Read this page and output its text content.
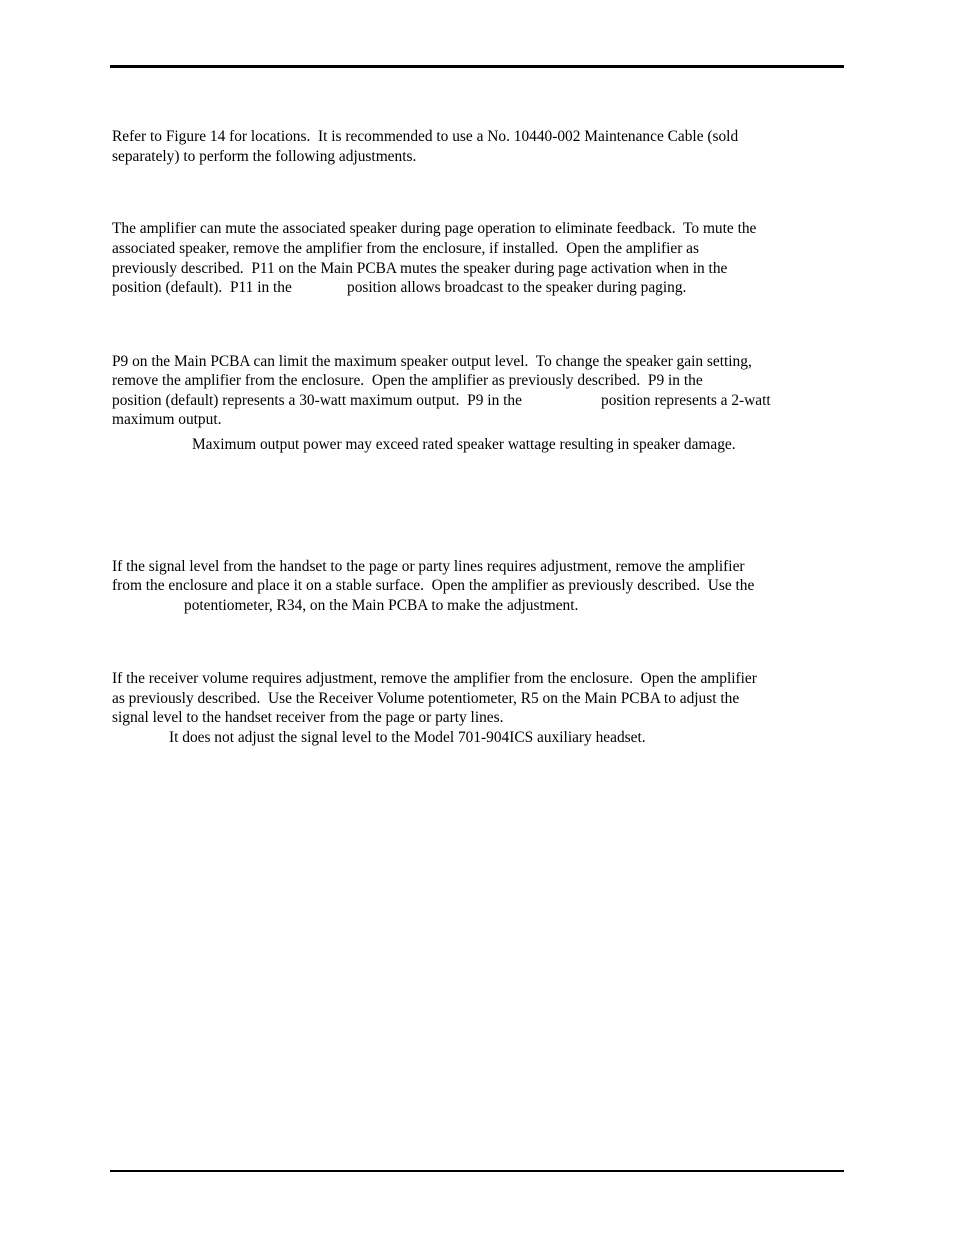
Refer to Figure 14 for locations.  It is recommended to use a No. 10440-002 Maintenance Cable (sold
separately) to perform the following adjustments.
The amplifier can mute the associated speaker during page operation to eliminate feedback.  To mute the
associated speaker, remove the amplifier from the enclosure, if installed.  Open the amplifier as
previously described.  P11 on the Main PCBA mutes the speaker during page activation when in the
position (default).  P11 in the	position allows broadcast to the speaker during paging.
P9 on the Main PCBA can limit the maximum speaker output level.  To change the speaker gain setting,
remove the amplifier from the enclosure.  Open the amplifier as previously described.  P9 in the
position (default) represents a 30-watt maximum output.  P9 in the	position represents a 2-watt
maximum output.
Maximum output power may exceed rated speaker wattage resulting in speaker damage.
If the signal level from the handset to the page or party lines requires adjustment, remove the amplifier
from the enclosure and place it on a stable surface.  Open the amplifier as previously described.  Use the
potentiometer, R34, on the Main PCBA to make the adjustment.
If the receiver volume requires adjustment, remove the amplifier from the enclosure.  Open the amplifier
as previously described.  Use the Receiver Volume potentiometer, R5 on the Main PCBA to adjust the
signal level to the handset receiver from the page or party lines.
It does not adjust the signal level to the Model 701-904ICS auxiliary headset.
